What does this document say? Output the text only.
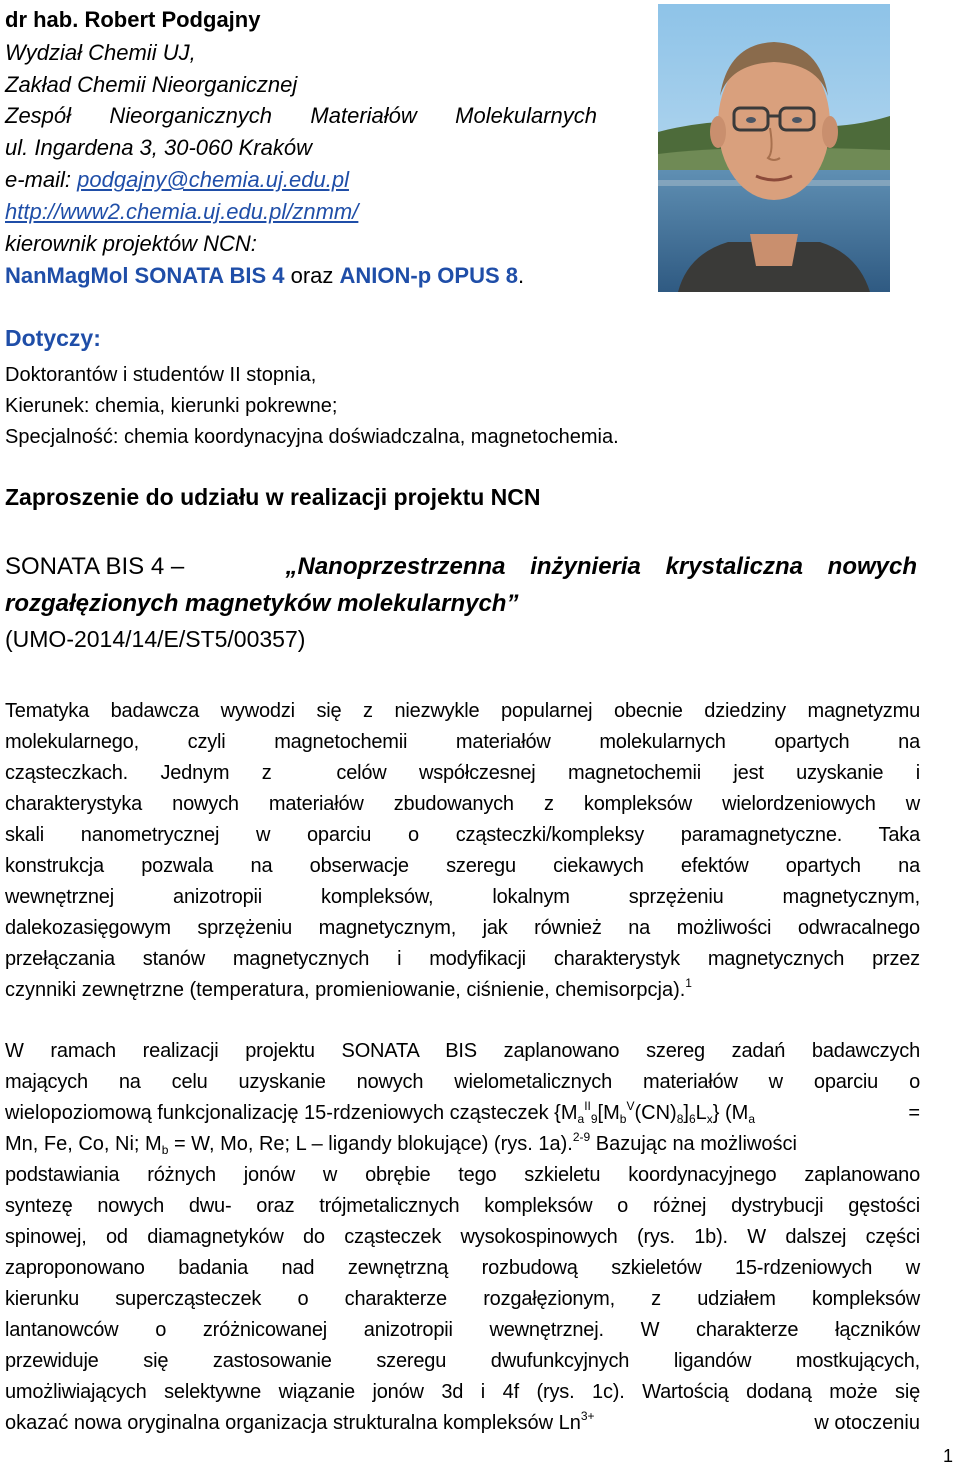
dr hab. Robert Podgajny
Wydział Chemii UJ,
Zakład Chemii Nieorganicznej
Zespół   Nieorganicznych   Materiałów   Molekularnych
ul. Ingardena 3, 30-060 Kraków
e-mail: podgajny@chemia.uj.edu.pl
http://www2.chemia.uj.edu.pl/znmm/
kierownik projektów NCN:
NanMagMol SONATA BIS 4 oraz ANION-p OPUS 8.
Dotyczy:
Doktorantów i studentów II stopnia,
Kierunek: chemia, kierunki pokrewne;
Specjalność: chemia koordynacyjna doświadczalna, magnetochemia.
Zaproszenie do udziału w realizacji projektu NCN
SONATA BIS 4 –	„Nanoprzestrzenna inżynieria krystaliczna nowych
rozgałęzionych magnetyków molekularnych”
(UMO-2014/14/E/ST5/00357)
Tematyka badawcza wywodzi się z niezwykle popularnej obecnie dziedziny magnetyzmu
molekularnego, czyli magnetochemii materiałów molekularnych opartych na
cząsteczkach. Jednym z  celów współczesnej magnetochemii jest uzyskanie i
charakterystyka nowych materiałów zbudowanych z kompleksów wielordzeniowych w
skali nanometrycznej w oparciu o cząsteczki/kompleksy paramagnetyczne. Taka
konstrukcja pozwala na obserwacje szeregu ciekawych efektów opartych na
wewnętrznej anizotropii kompleksów, lokalnym sprzężeniu magnetycznym,
dalekozasięgowym sprzężeniu magnetycznym, jak również na możliwości odwracalnego
przełączania stanów magnetycznych i modyfikacji charakterystyk magnetycznych przez
czynniki zewnętrzne (temperatura, promieniowanie, ciśnienie, chemisorpcja).$^1$
W ramach realizacji projektu SONATA BIS zaplanowano szereg zadań badawczych
mających na celu uzyskanie nowych wielometalicznych materiałów w oparciu o
wielopoziomową funkcjonalizację 15-rdzeniowych cząsteczek $\{M_a^{II}_9[M_b^V(CN)_8]_6L_x\}$ ($M_a$	=
Mn, Fe, Co, Ni; $M_b = W$, Mo, Re; L – ligandy blokujące) (rys. 1a).$^{2-9}$ Bazując na możliwości
podstawiania różnych jonów w obrębie tego szkieletu koordynacyjnego zaplanowano
syntezę nowych dwu- oraz trójmetalicznych kompleksów o różnej dystrybucji gęstości
spinowej, od diamagnetyków do cząsteczek wysokospinowych (rys. 1b). W dalszej części
zaproponowano badania nad zewnętrzną rozbudową szkieletów 15-rdzeniowych w
kierunku supercząsteczek o charakterze rozgałęzionym, z udziałem kompleksów
lantanowców o zróżnicowanej anizotropii wewnętrznej. W charakterze łączników
przewiduje się zastosowanie szeregu dwufunkcyjnych ligandów mostkujących,
umożliwiających selektywne wiązanie jonów 3d i 4f (rys. 1c). Wartością dodaną może się
okazać nowa oryginalna organizacja strukturalna kompleksów $Ln^{3+}$	w otoczeniu
1
